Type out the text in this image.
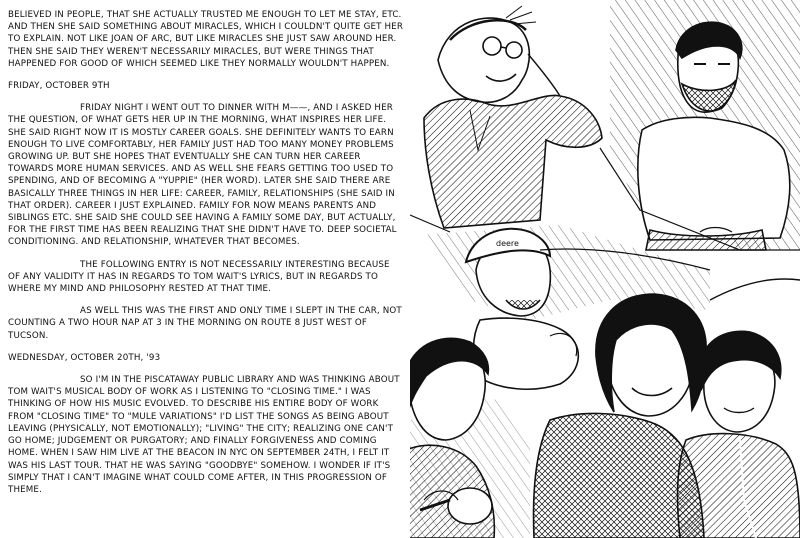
BELIEVED IN PEOPLE, THAT SHE ACTUALLY TRUSTED ME ENOUGH TO LET ME STAY, ETC. AND THEN SHE SAID SOMETHING ABOUT MIRACLES, WHICH I COULDN'T QUITE GET HER TO EXPLAIN. NOT LIKE JOAN OF ARC, BUT LIKE MIRACLES SHE JUST SAW AROUND HER. THEN SHE SAID THEY WEREN'T NECESSARILY MIRACLES, BUT WERE THINGS THAT HAPPENED FOR GOOD OF WHICH SEEMED LIKE THEY NORMALLY WOULDN'T HAPPEN.

FRIDAY, OCTOBER 9TH

FRIDAY NIGHT I WENT OUT TO DINNER WITH M——, AND I ASKED HER THE QUESTION, OF WHAT GETS HER UP IN THE MORNING, WHAT INSPIRES HER LIFE. SHE SAID RIGHT NOW IT IS MOSTLY CAREER GOALS. SHE DEFINITELY WANTS TO EARN ENOUGH TO LIVE COMFORTABLY, HER FAMILY JUST HAD TOO MANY MONEY PROBLEMS GROWING UP. BUT SHE HOPES THAT EVENTUALLY SHE CAN TURN HER CAREER TOWARDS MORE HUMAN SERVICES. AND AS WELL SHE FEARS GETTING TOO USED TO SPENDING, AND OF BECOMING A "YUPPIE" (HER WORD). LATER SHE SAID THERE ARE BASICALLY THREE THINGS IN HER LIFE: CAREER, FAMILY, RELATIONSHIPS (SHE SAID IN THAT ORDER). CAREER I JUST EXPLAINED. FAMILY FOR NOW MEANS PARENTS AND SIBLINGS ETC. SHE SAID SHE COULD SEE HAVING A FAMILY SOME DAY, BUT ACTUALLY, FOR THE FIRST TIME HAS BEEN REALIZING THAT SHE DIDN'T HAVE TO. DEEP SOCIETAL CONDITIONING. AND RELATIONSHIP, WHATEVER THAT BECOMES.

THE FOLLOWING ENTRY IS NOT NECESSARILY INTERESTING BECAUSE OF ANY VALIDITY IT HAS IN REGARDS TO TOM WAIT'S LYRICS, BUT IN REGARDS TO WHERE MY MIND AND PHILOSOPHY RESTED AT THAT TIME.

AS WELL THIS WAS THE FIRST AND ONLY TIME I SLEPT IN THE CAR, NOT COUNTING A TWO HOUR NAP AT 3 IN THE MORNING ON ROUTE 8 JUST WEST OF TUCSON.

WEDNESDAY, OCTOBER 20TH, '93

SO I'M IN THE PISCATAWAY PUBLIC LIBRARY AND WAS THINKING ABOUT TOM WAIT'S MUSICAL BODY OF WORK AS I LISTENING TO "CLOSING TIME." I WAS THINKING OF HOW HIS MUSIC EVOLVED. TO DESCRIBE HIS ENTIRE BODY OF WORK FROM "CLOSING TIME" TO "MULE VARIATIONS" I'D LIST THE SONGS AS BEING ABOUT LEAVING (PHYSICALLY, NOT EMOTIONALLY); "LIVING" THE CITY; REALIZING ONE CAN'T GO HOME; JUDGEMENT OR PURGATORY; AND FINALLY FORGIVENESS AND COMING HOME. WHEN I SAW HIM LIVE AT THE BEACON IN NYC ON SEPTEMBER 24TH, I FELT IT WAS HIS LAST TOUR. THAT HE WAS SAYING "GOODBYE" SOMEHOW. I WONDER IF IT'S SIMPLY THAT I CAN'T IMAGINE WHAT COULD COME AFTER, IN THIS PROGRESSION OF THEME.

deere
